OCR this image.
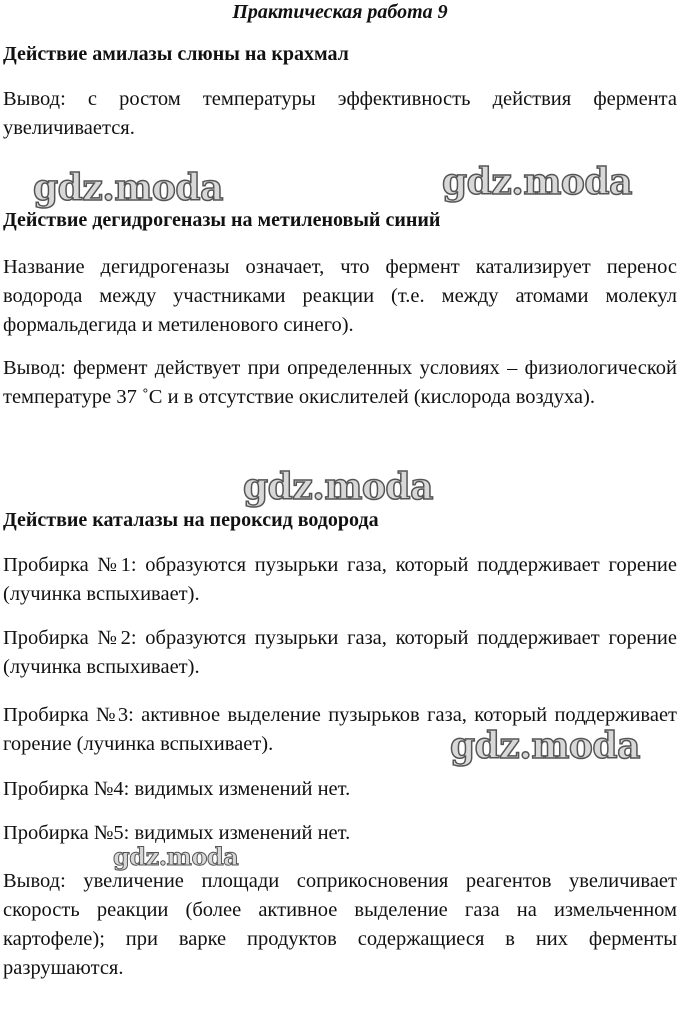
Практическая работа 9
Действие амилазы слюны на крахмал
Вывод: с ростом температуры эффективность действия фермента увеличивается.
gdz.moda	gdz.moda
Действие дегидрогеназы на метиленовый синий
Название дегидрогеназы означает, что фермент катализирует перенос водорода между участниками реакции (т.е. между атомами молекул формальдегида и метиленового синего).
Вывод: фермент действует при определенных условиях – физиологической температуре 37 ˚С и в отсутствие окислителей (кислорода воздуха).
gdz.moda
Действие каталазы на пероксид водорода
Пробирка №1: образуются пузырьки газа, который поддерживает горение (лучинка вспыхивает).
Пробирка №2: образуются пузырьки газа, который поддерживает горение (лучинка вспыхивает).
Пробирка №3: активное выделение пузырьков газа, который поддерживает горение (лучинка вспыхивает).	gdz.moda
Пробирка №4: видимых изменений нет.
Пробирка №5: видимых изменений нет.
gdz.moda
Вывод: увеличение площади соприкосновения реагентов увеличивает скорость реакции (более активное выделение газа на измельченном картофеле); при варке продуктов содержащиеся в них ферменты разрушаются.
